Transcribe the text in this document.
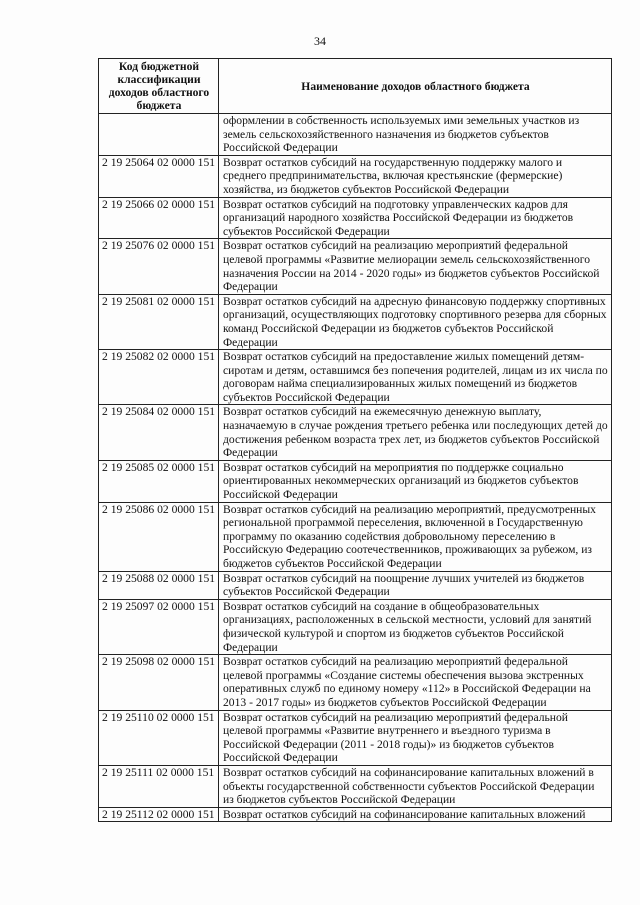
34
Код бюджетной классификации доходов областного бюджета	Наименование доходов областного бюджета
	оформлении в собственность используемых ими земельных участков из земель сельскохозяйственного назначения из бюджетов субъектов Российской Федерации
2 19 25064 02 0000 151	Возврат остатков субсидий на государственную поддержку малого и среднего предпринимательства, включая крестьянские (фермерские) хозяйства, из бюджетов субъектов Российской Федерации
2 19 25066 02 0000 151	Возврат остатков субсидий на подготовку управленческих кадров для организаций народного хозяйства Российской Федерации из бюджетов субъектов Российской Федерации
2 19 25076 02 0000 151	Возврат остатков субсидий на реализацию мероприятий федеральной целевой программы «Развитие мелиорации земель сельскохозяйственного назначения России на 2014 - 2020 годы» из бюджетов субъектов Российской Федерации
2 19 25081 02 0000 151	Возврат остатков субсидий на адресную финансовую поддержку спортивных организаций, осуществляющих подготовку спортивного резерва для сборных команд Российской Федерации из бюджетов субъектов Российской Федерации
2 19 25082 02 0000 151	Возврат остатков субсидий на предоставление жилых помещений детям-сиротам и детям, оставшимся без попечения родителей, лицам из их числа по договорам найма специализированных жилых помещений из бюджетов субъектов Российской Федерации
2 19 25084 02 0000 151	Возврат остатков субсидий на ежемесячную денежную выплату, назначаемую в случае рождения третьего ребенка или последующих детей до достижения ребенком возраста трех лет, из бюджетов субъектов Российской Федерации
2 19 25085 02 0000 151	Возврат остатков субсидий на мероприятия по поддержке социально ориентированных некоммерческих организаций из бюджетов субъектов Российской Федерации
2 19 25086 02 0000 151	Возврат остатков субсидий на реализацию мероприятий, предусмотренных региональной программой переселения, включенной в Государственную программу по оказанию содействия добровольному переселению в Российскую Федерацию соотечественников, проживающих за рубежом, из бюджетов субъектов Российской Федерации
2 19 25088 02 0000 151	Возврат остатков субсидий на поощрение лучших учителей из бюджетов субъектов Российской Федерации
2 19 25097 02 0000 151	Возврат остатков субсидий на создание в общеобразовательных организациях, расположенных в сельской местности, условий для занятий физической культурой и спортом из бюджетов субъектов Российской Федерации
2 19 25098 02 0000 151	Возврат остатков субсидий на реализацию мероприятий федеральной целевой программы «Создание системы обеспечения вызова экстренных оперативных служб по единому номеру «112» в Российской Федерации на 2013 - 2017 годы» из бюджетов субъектов Российской Федерации
2 19 25110 02 0000 151	Возврат остатков субсидий на реализацию мероприятий федеральной целевой программы «Развитие внутреннего и въездного туризма в Российской Федерации (2011 - 2018 годы)» из бюджетов субъектов Российской Федерации
2 19 25111 02 0000 151	Возврат остатков субсидий на софинансирование капитальных вложений в объекты государственной собственности субъектов Российской Федерации из бюджетов субъектов Российской Федерации
2 19 25112 02 0000 151	Возврат остатков субсидий на софинансирование капитальных вложений
